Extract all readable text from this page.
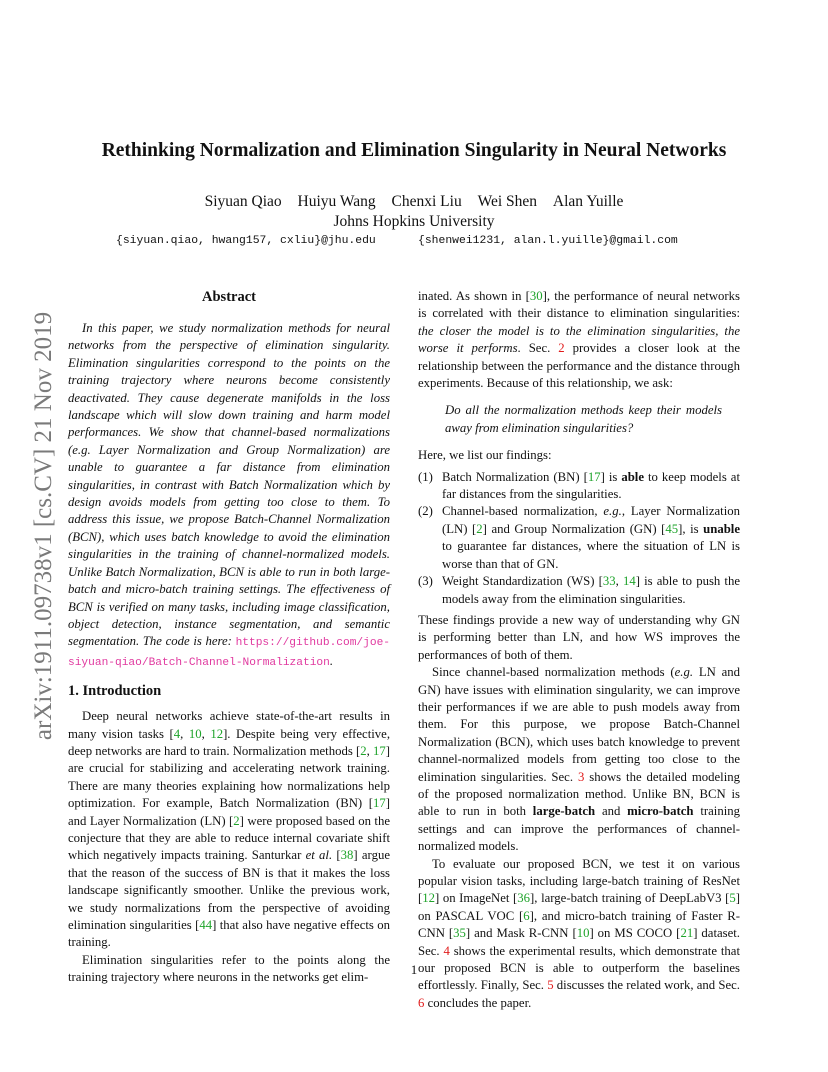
Rethinking Normalization and Elimination Singularity in Neural Networks
Siyuan Qiao Huiyu Wang Chenxi Liu Wei Shen Alan Yuille
Johns Hopkins University
{siyuan.qiao, hwang157, cxliu}@jhu.edu	{shenwei1231, alan.l.yuille}@gmail.com
arXiv:1911.09738v1 [cs.CV] 21 Nov 2019
Abstract

In this paper, we study normalization methods for neural networks from the perspective of elimination singularity. Elimination singularities correspond to the points on the training trajectory where neurons become consistently deactivated. They cause degenerate manifolds in the loss landscape which will slow down training and harm model performances. We show that channel-based normalizations (e.g. Layer Normalization and Group Normalization) are unable to guarantee a far distance from elimination singularities, in contrast with Batch Normalization which by design avoids models from getting too close to them. To address this issue, we propose Batch-Channel Normalization (BCN), which uses batch knowledge to avoid the elimination singularities in the training of channel-normalized models. Unlike Batch Normalization, BCN is able to run in both large-batch and micro-batch training settings. The effectiveness of BCN is verified on many tasks, including image classification, object detection, instance segmentation, and semantic segmentation. The code is here: https://github.com/joe-siyuan-qiao/Batch-Channel-Normalization.

1. Introduction

Deep neural networks achieve state-of-the-art results in many vision tasks [4, 10, 12]. Despite being very effective, deep networks are hard to train. Normalization methods [2, 17] are crucial for stabilizing and accelerating network training. There are many theories explaining how normalizations help optimization. For example, Batch Normalization (BN) [17] and Layer Normalization (LN) [2] were proposed based on the conjecture that they are able to reduce internal covariate shift which negatively impacts training. Santurkar et al. [38] argue that the reason of the success of BN is that it makes the loss landscape significantly smoother. Unlike the previous work, we study normalizations from the perspective of avoiding elimination singularities [44] that also have negative effects on training.

Elimination singularities refer to the points along the training trajectory where neurons in the networks get elim-

inated. As shown in [30], the performance of neural networks is correlated with their distance to elimination singularities: the closer the model is to the elimination singularities, the worse it performs. Sec. 2 provides a closer look at the relationship between the performance and the distance through experiments. Because of this relationship, we ask:

Do all the normalization methods keep their models away from elimination singularities?

Here, we list our findings:

(1) Batch Normalization (BN) [17] is able to keep models at far distances from the singularities.
(2) Channel-based normalization, e.g., Layer Normalization (LN) [2] and Group Normalization (GN) [45], is unable to guarantee far distances, where the situation of LN is worse than that of GN.
(3) Weight Standardization (WS) [33, 14] is able to push the models away from the elimination singularities.

These findings provide a new way of understanding why GN is performing better than LN, and how WS improves the performances of both of them.

Since channel-based normalization methods (e.g. LN and GN) have issues with elimination singularity, we can improve their performances if we are able to push models away from them. For this purpose, we propose Batch-Channel Normalization (BCN), which uses batch knowledge to prevent channel-normalized models from getting too close to the elimination singularities. Sec. 3 shows the detailed modeling of the proposed normalization method. Unlike BN, BCN is able to run in both large-batch and micro-batch training settings and can improve the performances of channel-normalized models.

To evaluate our proposed BCN, we test it on various popular vision tasks, including large-batch training of ResNet [12] on ImageNet [36], large-batch training of DeepLabV3 [5] on PASCAL VOC [6], and micro-batch training of Faster R-CNN [35] and Mask R-CNN [10] on MS COCO [21] dataset. Sec. 4 shows the experimental results, which demonstrate that our proposed BCN is able to outperform the baselines effortlessly. Finally, Sec. 5 discusses the related work, and Sec. 6 concludes the paper.

1
